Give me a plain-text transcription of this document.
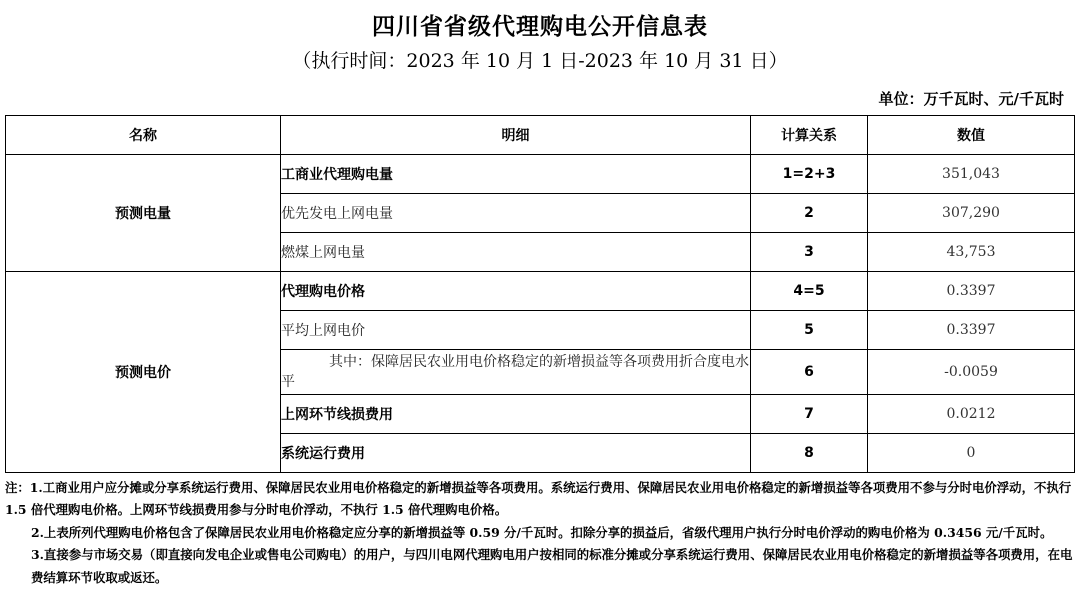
四川省省级代理购电公开信息表
（执行时间：2023 年 10 月 1 日-2023 年 10 月 31 日）
单位：万千瓦时、元/千瓦时
名称	明细	计算关系	数值
预测电量	工商业代理购电量	1=2+3	351,043
	优先发电上网电量	2	307,290
	燃煤上网电量	3	43,753
预测电价	代理购电价格	4=5	0.3397
	平均上网电价	5	0.3397
	其中：保障居民农业用电价格稳定的新增损益等各项费用折合度电水平	6	-0.0059
	上网环节线损费用	7	0.0212
	系统运行费用	8	0

注：1.工商业用户应分摊或分享系统运行费用、保障居民农业用电价格稳定的新增损益等各项费用。系统运行费用、保障居民农业用电价格稳定的新增损益等各项费用不参与分时电价浮动，不执行 1.5 倍代理购电价格。上网环节线损费用参与分时电价浮动，不执行 1.5 倍代理购电价格。

2.上表所列代理购电价格包含了保障居民农业用电价格稳定应分享的新增损益等 0.59 分/千瓦时。扣除分享的损益后，省级代理用户执行分时电价浮动的购电价格为 0.3456 元/千瓦时。

3.直接参与市场交易（即直接向发电企业或售电公司购电）的用户，与四川电网代理购电用户按相同的标准分摊或分享系统运行费用、保障居民农业用电价格稳定的新增损益等各项费用，在电费结算环节收取或返还。
